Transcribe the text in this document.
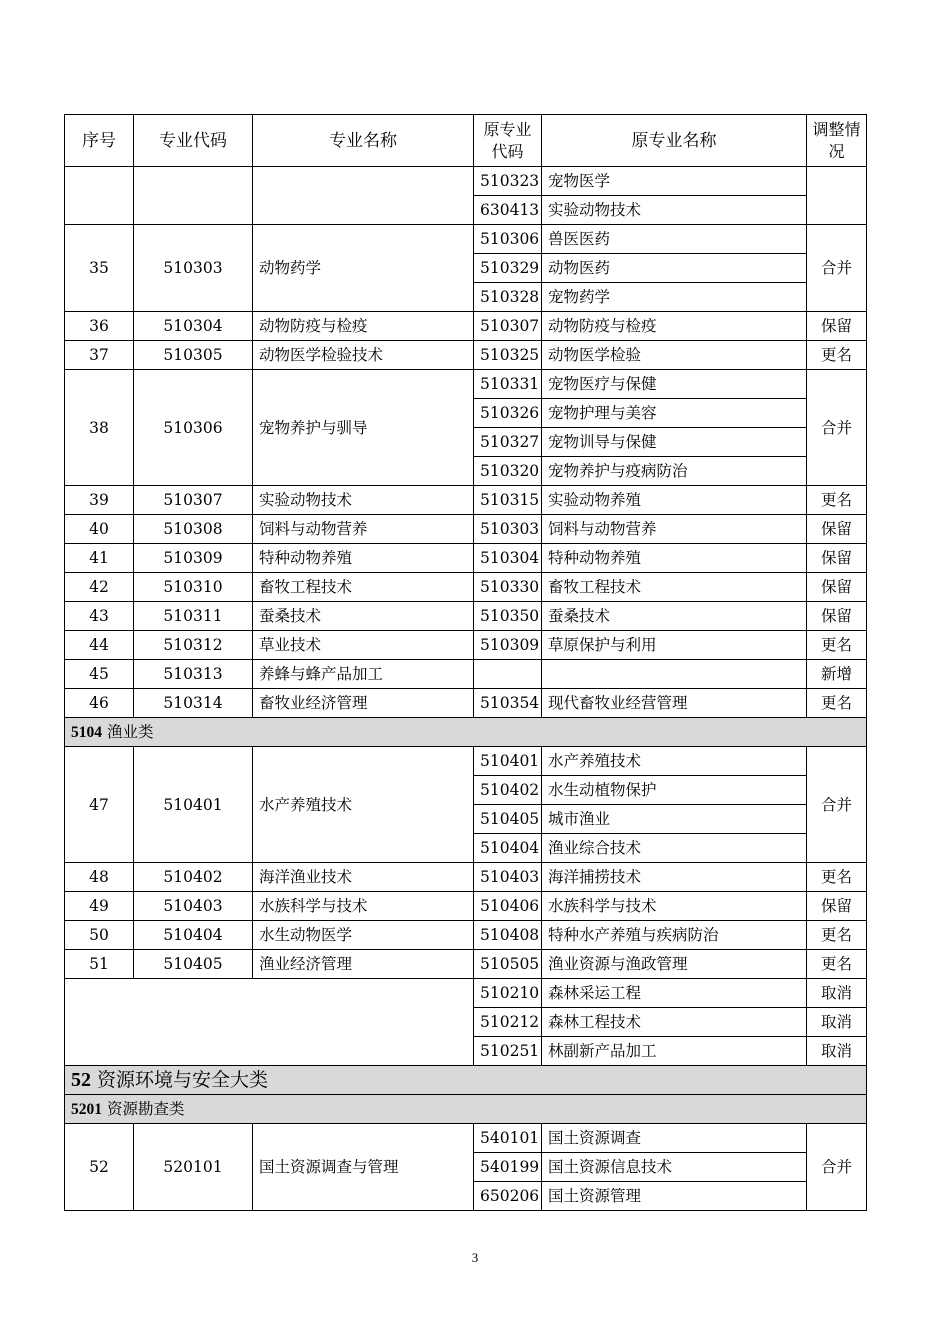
序号	专业代码	专业名称	原专业代码	原专业名称	调整情况
			510323	宠物医学	
			630413	实验动物技术	
35	510303	动物药学	510306	兽医医药	合并
			510329	动物医药	
			510328	宠物药学	
36	510304	动物防疫与检疫	510307	动物防疫与检疫	保留
37	510305	动物医学检验技术	510325	动物医学检验	更名
38	510306	宠物养护与驯导	510331	宠物医疗与保健	合并
			510326	宠物护理与美容	
			510327	宠物训导与保健	
			510320	宠物养护与疫病防治	
39	510307	实验动物技术	510315	实验动物养殖	更名
40	510308	饲料与动物营养	510303	饲料与动物营养	保留
41	510309	特种动物养殖	510304	特种动物养殖	保留
42	510310	畜牧工程技术	510330	畜牧工程技术	保留
43	510311	蚕桑技术	510350	蚕桑技术	保留
44	510312	草业技术	510309	草原保护与利用	更名
45	510313	养蜂与蜂产品加工			新增
46	510314	畜牧业经济管理	510354	现代畜牧业经营管理	更名
5104 渔业类					
47	510401	水产养殖技术	510401	水产养殖技术	合并
			510402	水生动植物保护	
			510405	城市渔业	
			510404	渔业综合技术	
48	510402	海洋渔业技术	510403	海洋捕捞技术	更名
49	510403	水族科学与技术	510406	水族科学与技术	保留
50	510404	水生动物医学	510408	特种水产养殖与疾病防治	更名
51	510405	渔业经济管理	510505	渔业资源与渔政管理	更名
			510210	森林采运工程	取消
			510212	森林工程技术	取消
			510251	林副新产品加工	取消
52 资源环境与安全大类					
5201 资源勘查类					
52	520101	国土资源调查与管理	540101	国土资源调查	合并
			540199	国土资源信息技术	
			650206	国土资源管理	
3
